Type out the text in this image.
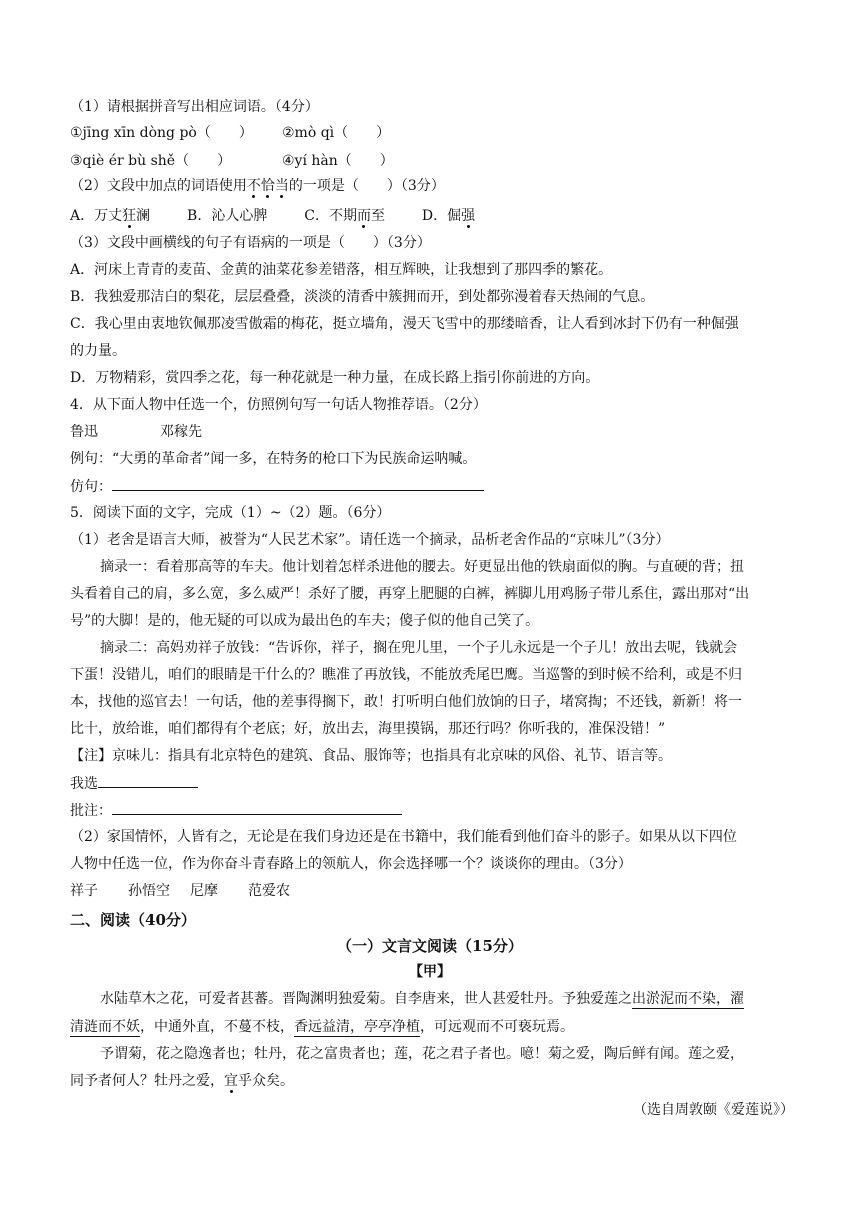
（1）请根据拼音写出相应词语。（4分）
①jīng xīn dòng pò（　　） ②mò qì（　　）
③qiè ér bù shě（　　）	④yí hàn（　　）
（2）文段中加点的词语使用不恰当的一项是（　　）（3分）
A．万丈狂澜	B．沁人心脾	C．不期而至	D．倔强
（3）文段中画横线的句子有语病的一项是（　　）（3分）
A．河床上青青的麦苗、金黄的油菜花参差错落，相互辉映，让我想到了那四季的繁花。
B．我独爱那洁白的梨花，层层叠叠，淡淡的清香中簇拥而开，到处都弥漫着春天热闹的气息。
C．我心里由衷地钦佩那凌雪傲霜的梅花，挺立墙角，漫天飞雪中的那缕暗香，让人看到冰封下仍有一种倔强
的力量。
D．万物精彩，赏四季之花，每一种花就是一种力量，在成长路上指引你前进的方向。
4．从下面人物中任选一个，仿照例句写一句话人物推荐语。（2分）
鲁迅	邓稼先
例句：“大勇的革命者”闻一多，在特务的枪口下为民族命运呐喊。
仿句：
5．阅读下面的文字，完成（1）~（2）题。（6分）
（1）老舍是语言大师，被誉为“人民艺术家”。请任选一个摘录，品析老舍作品的“京味儿”（3分）
摘录一：看着那高等的车夫。他计划着怎样杀进他的腰去。好更显出他的铁扇面似的胸。与直硬的背；扭
头看着自己的肩，多么宽，多么威严！杀好了腰，再穿上肥腿的白裤，裤脚儿用鸡肠子带儿系住，露出那对“出
号”的大脚！是的，他无疑的可以成为最出色的车夫；傻子似的他自己笑了。
摘录二：高妈劝祥子放钱：“告诉你，祥子，搁在兜儿里，一个子儿永远是一个子儿！放出去呢，钱就会
下蛋！没错儿，咱们的眼睛是干什么的？瞧准了再放钱，不能放秃尾巴鹰。当巡警的到时候不给利，或是不归
本，找他的巡官去！一句话，他的差事得搁下，敢！打听明白他们放饷的日子，堵窝掏；不还钱，新新！将一
比十，放给谁，咱们都得有个老底；好，放出去，海里摸锅，那还行吗？你听我的，准保没错！”
【注】京味儿：指具有北京特色的建筑、食品、服饰等；也指具有北京味的风俗、礼节、语言等。
我选
批注：
（2）家国情怀，人皆有之，无论是在我们身边还是在书籍中，我们能看到他们奋斗的影子。如果从以下四位
人物中任选一位，作为你奋斗青春路上的领航人，你会选择哪一个？谈谈你的理由。（3分）
祥子 孙悟空 尼摩 范爱农
二、阅读（40分）
（一）文言文阅读（15分）
【甲】
水陆草木之花，可爱者甚蕃。晋陶渊明独爱菊。自李唐来，世人甚爱牡丹。予独爱莲之出淤泥而不染，濯
清涟而不妖，中通外直，不蔓不枝，香远益清，亭亭净植，可远观而不可亵玩焉。
予谓菊，花之隐逸者也；牡丹，花之富贵者也；莲，花之君子者也。噫！菊之爱，陶后鲜有闻。莲之爱，
同予者何人？牡丹之爱，宜乎众矣。
（选自周敦颐《爱莲说》）
